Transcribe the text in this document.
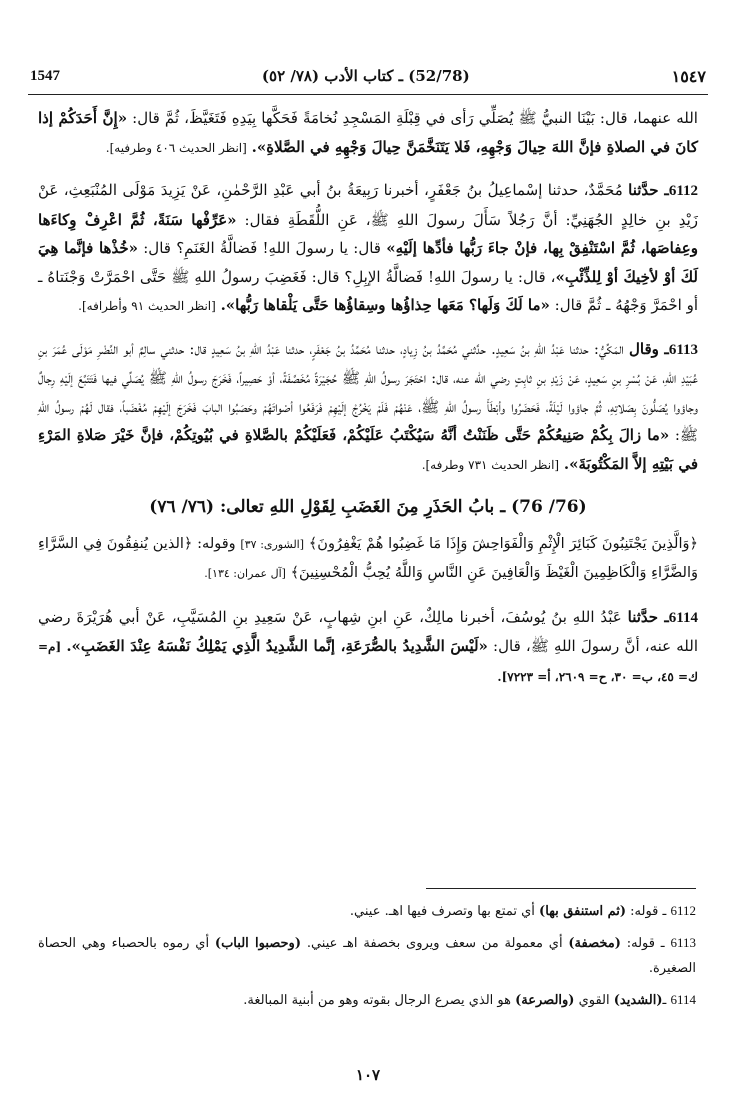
1547	(52/78) ـ كتاب الأدب (٧٨/ ٥٢)	١٥٤٧

الله عنهما، قال: بَيْنَا النبيُّ ﷺ يُصَلِّي رَأى في قِبْلَةِ المَسْجِدِ نُخامَةً فَحَكَّها بِيَدِهِ فَتَغَيَّظَ، ثُمَّ قال: «إِنَّ أَحَدَكُمْ إذا كانَ في الصلاةِ فإنَّ اللهَ حِيالَ وَجْهِهِ، فَلا يَتَنَخَّمَنَّ حِيالَ وَجْهِهِ في الصَّلاةِ». [انظر الحديث ٤٠٦ وطرفيه].

6112ـ حدَّثنا مُحَمَّدٌ، حدثنا إسْماعِيلُ بنُ جَعْفَرٍ، أخبرنا رَبِيعَةُ بنُ أبي عَبْدِ الرَّحْمٰنِ، عَنْ يَزِيدَ مَوْلَى المُنْبَعِثِ، عَنْ زَيْدِ بنِ خالِدٍ الجُهَنِيِّ: أنَّ رَجُلاً سَأَلَ رسولَ اللهِ ﷺ، عَنِ اللُّقَطَةِ فقال: «عَرِّفْها سَنَةً، ثُمَّ اعْرِفْ وِكاءَها وعِفاصَها، ثُمَّ اسْتَنْفِقْ بِها، فإنْ جاءَ رَبُّها فأدِّها إلَيْهِ» قال: يا رسولَ اللهِ! فَضالَّةُ الغَنَمِ؟ قال: «خُذْها فإنَّما هِيَ لَكَ أوْ لأخِيكَ أوْ لِلذِّئْبِ»، قال: يا رسولَ اللهِ! فَضالَّةُ الإبِلِ؟ قال: فَغَضِبَ رسولُ اللهِ ﷺ حَتَّى احْمَرَّتْ وَجْنَتاهُ ـ أو احْمَرَّ وَجْهُهُ ـ ثُمَّ قال: «ما لَكَ وَلَها؟ مَعَها حِذاؤُها وسِقاؤُها حَتَّى يَلْقاها رَبُّها». [انظر الحديث ٩١ وأطرافه].

6113ـ وقال المَكِّيُّ: حدثنا عَبْدُ اللهِ بنُ سَعِيدٍ. حدَّثني مُحَمَّدُ بنُ زِيادٍ، حدثنا مُحَمَّدُ بنُ جَعْفَرٍ، حدثنا عَبْدُ اللهِ بنُ سَعِيدٍ قال: حدثني سالِمٌ أبو النَّضْرِ مَوْلَى عُمَرَ بنِ عُبَيْدِ اللهِ، عَنْ بُسْرِ بنِ سَعِيدٍ، عَنْ زَيْدِ بنِ ثابِتٍ رضي الله عنه، قال: احْتَجَرَ رسولُ اللهِ ﷺ حُجَيْرَةً مُخَصَّفَةً، أوْ حَصِيراً، فَخَرَجَ رسولُ اللهِ ﷺ يُصَلِّي فيها فَتَتَبَّعَ إلَيْهِ رِجالٌ وجاؤوا يُصَلُّونَ بِصَلاتِهِ، ثُمَّ جاؤوا لَيْلَةً، فَحَضَرُوا وأبْطَأَ رسولُ اللهِ ﷺ، عَنْهُمْ فَلَمْ يَخْرُجْ إلَيْهِمْ فَرَفَعُوا أصْواتَهُمْ وحَصَبُوا البابَ فَخَرَجَ إلَيْهِمْ مُغْضَباً، فقال لَهُمْ رسولُ اللهِ ﷺ: «ما زالَ بِكُمْ صَنِيعُكُمْ حَتَّى ظَنَنْتُ أنَّهُ سَيُكْتَبُ عَلَيْكُمْ، فَعَلَيْكُمْ بالصَّلاةِ في بُيُوتِكُمْ، فإنَّ خَيْرَ صَلاةِ المَرْءِ في بَيْتِهِ إلاَّ المَكْتُوبَةَ». [انظر الحديث ٧٣١ وطرفه].

(76/ 76) ـ بابُ الحَذَرِ مِنَ الغَضَبِ لِقَوْلِ اللهِ تعالى: (٧٦/ ٧٦)

﴿وَالَّذِينَ يَجْتَنِبُونَ كَبَائِرَ الْإِثْمِ وَالْفَوَاحِشَ وَإِذَا مَا غَضِبُوا هُمْ يَغْفِرُونَ﴾ [الشورى: ٣٧] وقوله: ﴿الذين يُنفِقُونَ فِي السَّرَّاءِ وَالضَّرَّاءِ وَالْكَاظِمِينَ الْغَيْظَ وَالْعَافِينَ عَنِ النَّاسِ وَاللَّهُ يُحِبُّ الْمُحْسِنِينَ﴾ [آل عمران: ١٣٤].

6114ـ حدَّثنا عَبْدُ اللهِ بنُ يُوسُفَ، أخبرنا مالِكٌ، عَنِ ابنِ شِهابٍ، عَنْ سَعِيدِ بنِ المُسَيَّبِ، عَنْ أبي هُرَيْرَةَ رضي الله عنه، أنَّ رسولَ اللهِ ﷺ، قال: «لَيْسَ الشَّدِيدُ بالصُّرَعَةِ، إنَّما الشَّدِيدُ الَّذِي يَمْلِكُ نَفْسَهُ عِنْدَ الغَضَبِ». [م= ك= ٤٥، ب= ٣٠، ح= ٢٦٠٩، أ= ٧٢٢٣].

6112 ـ قوله: (ثم استنفق بها) أي تمتع بها وتصرف فيها اهـ. عيني.

6113 ـ قوله: (مخصفة) أي معمولة من سعف ويروى بخصفة اهـ عيني. (وحصبوا الباب) أي رموه بالحصباء وهي الحصاة الصغيرة.

6114 ـ(الشديد) القوي (والصرعة) هو الذي يصرع الرجال بقوته وهو من أبنية المبالغة.

١٠٧
